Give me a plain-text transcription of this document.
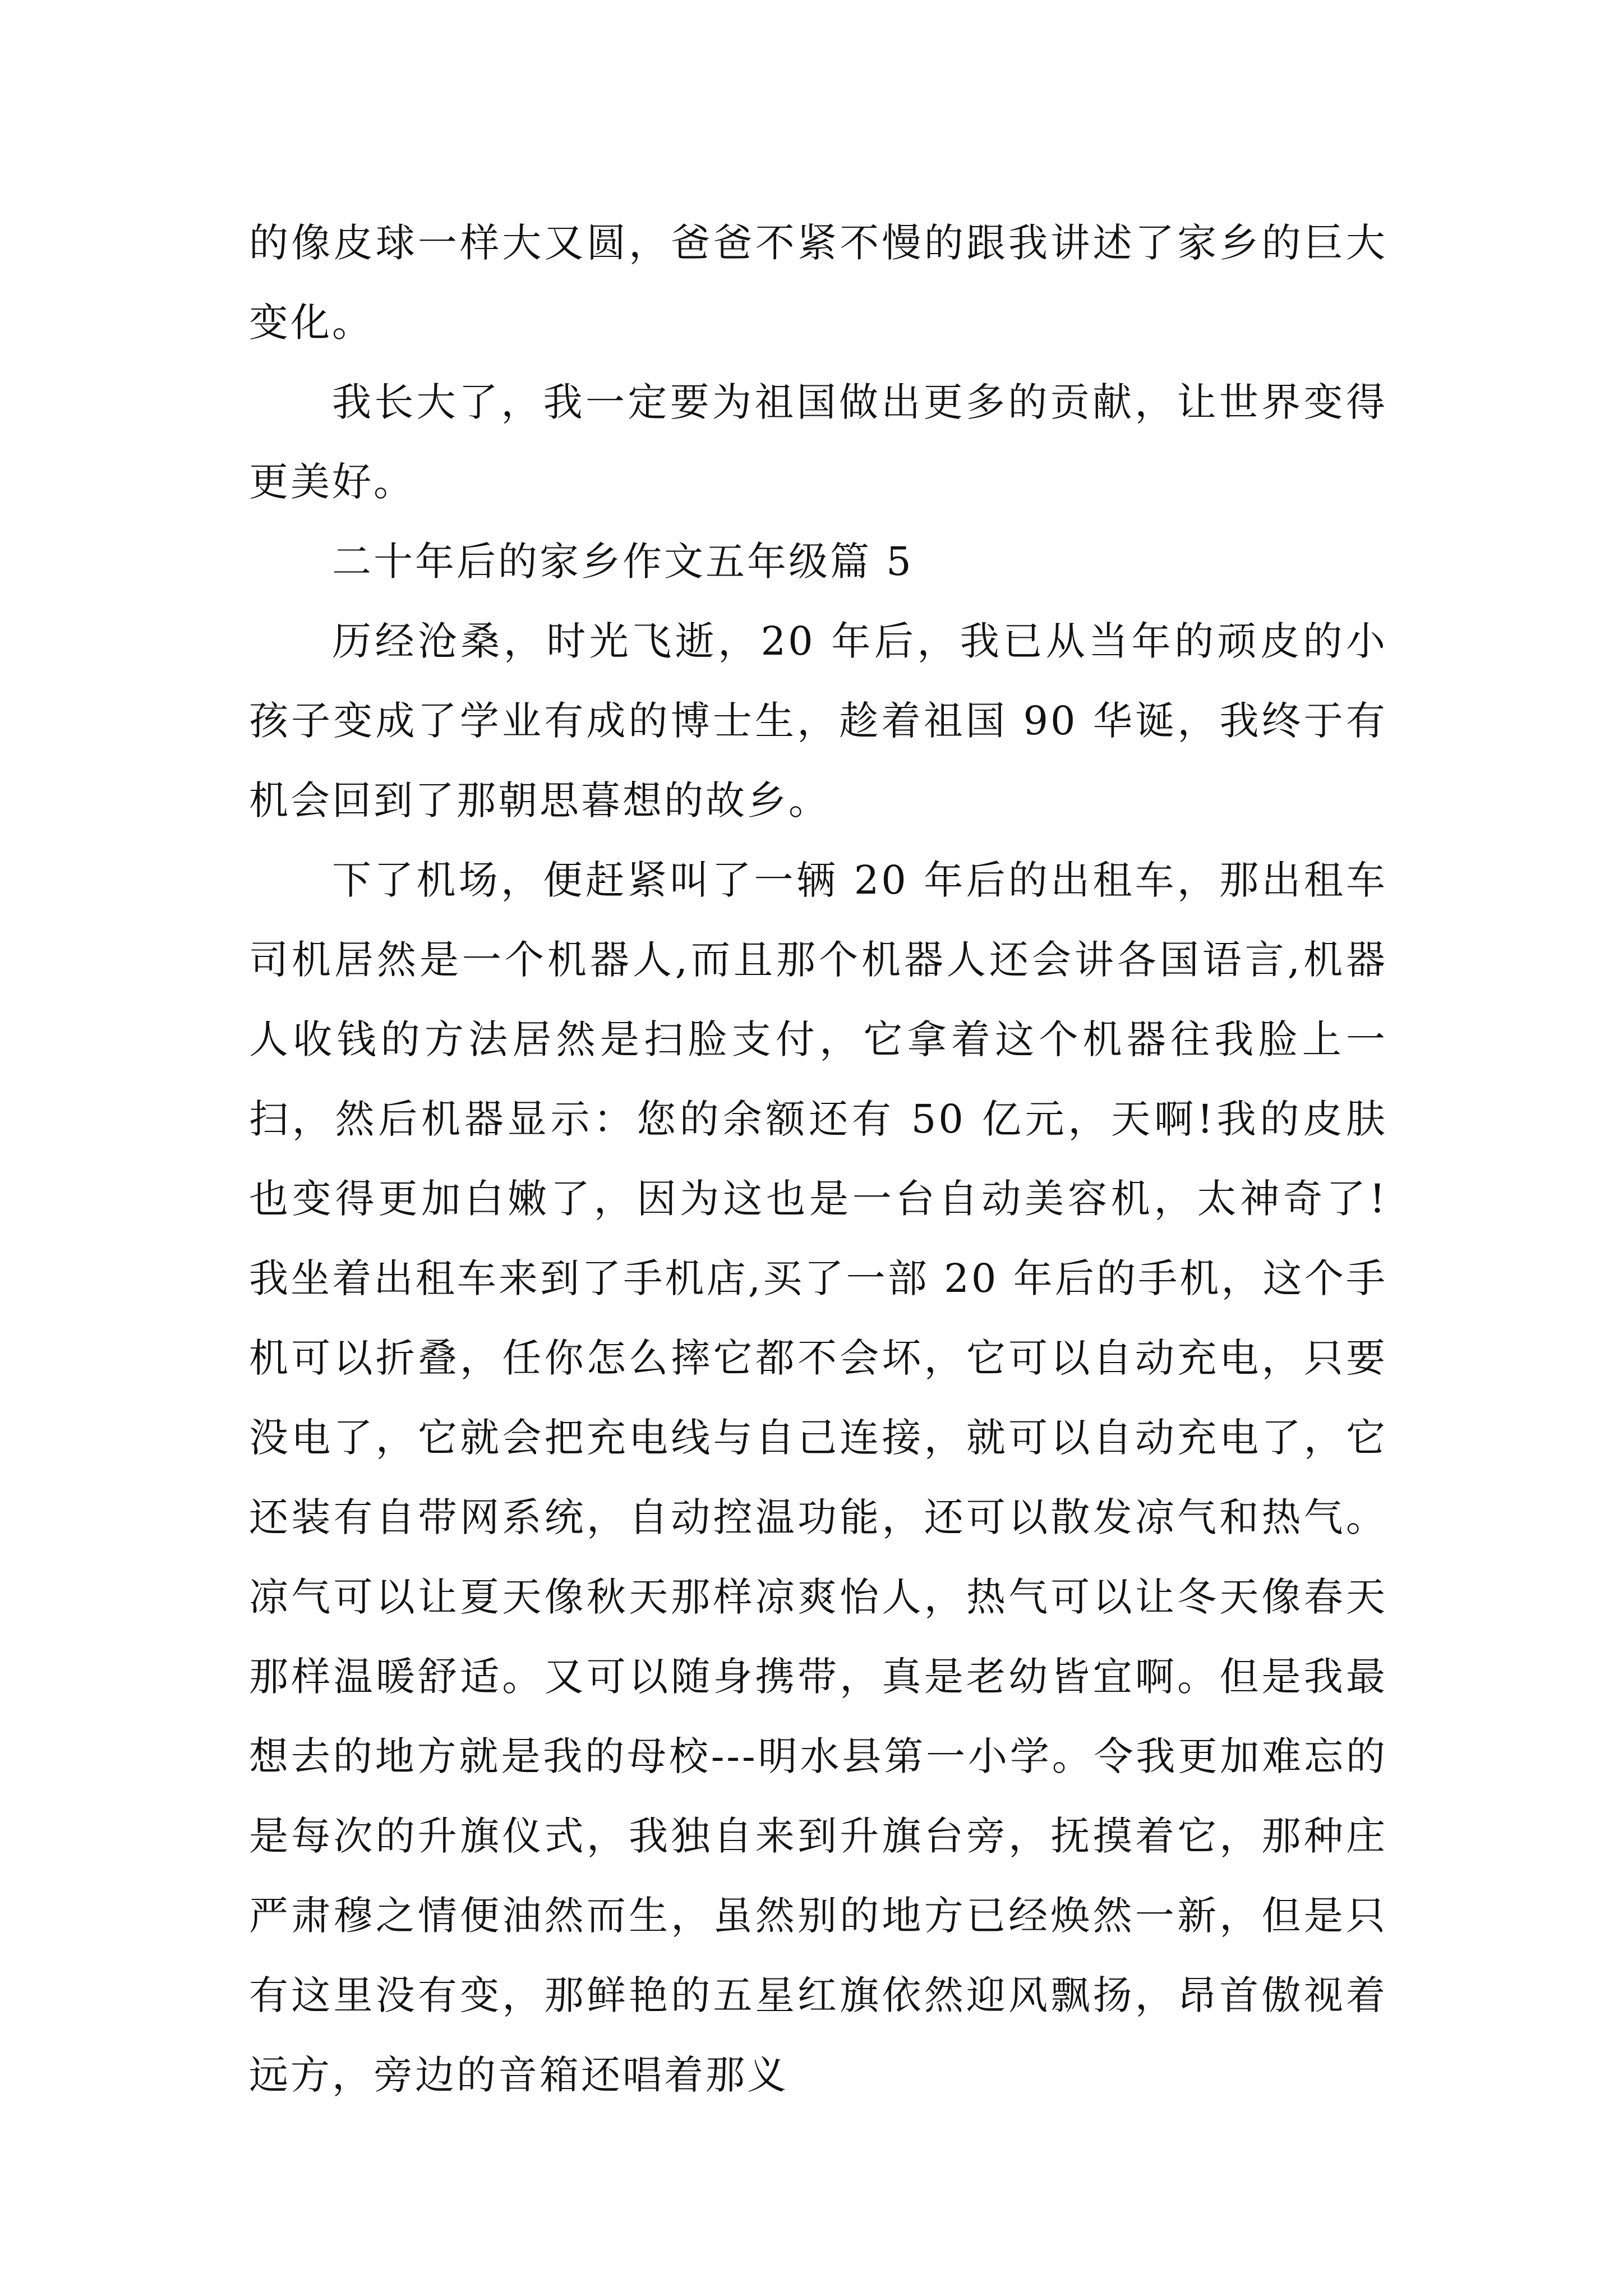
的像皮球一样大又圆，爸爸不紧不慢的跟我讲述了家乡的巨大变化。

我长大了，我一定要为祖国做出更多的贡献，让世界变得更美好。

二十年后的家乡作文五年级篇 5

历经沧桑，时光飞逝，20 年后，我已从当年的顽皮的小孩子变成了学业有成的博士生，趁着祖国 90 华诞，我终于有机会回到了那朝思暮想的故乡。

下了机场，便赶紧叫了一辆 20 年后的出租车，那出租车司机居然是一个机器人,而且那个机器人还会讲各国语言,机器人收钱的方法居然是扫脸支付，它拿着这个机器往我脸上一扫，然后机器显示：您的余额还有 50 亿元，天啊!我的皮肤也变得更加白嫩了，因为这也是一台自动美容机，太神奇了!我坐着出租车来到了手机店,买了一部 20 年后的手机，这个手机可以折叠，任你怎么摔它都不会坏，它可以自动充电，只要没电了，它就会把充电线与自己连接，就可以自动充电了，它还装有自带网系统，自动控温功能，还可以散发凉气和热气。凉气可以让夏天像秋天那样凉爽怡人，热气可以让冬天像春天那样温暖舒适。又可以随身携带，真是老幼皆宜啊。但是我最想去的地方就是我的母校---明水县第一小学。令我更加难忘的是每次的升旗仪式，我独自来到升旗台旁，抚摸着它，那种庄严肃穆之情便油然而生，虽然别的地方已经焕然一新，但是只有这里没有变，那鲜艳的五星红旗依然迎风飘扬，昂首傲视着远方，旁边的音箱还唱着那义
